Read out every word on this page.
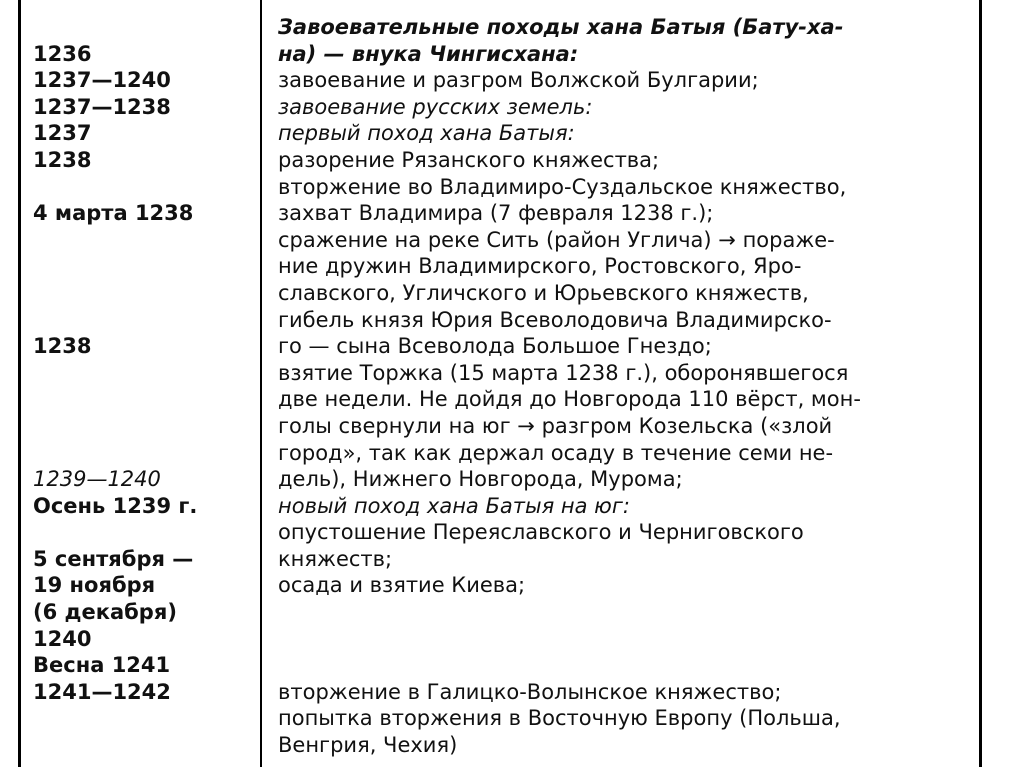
1236
1237—1240
1237—1238
1237
1238
4 марта 1238
1238
1239—1240
Осень 1239 г.
5 сентября —
19 ноября
(6 декабря)
1240
Весна 1241
1241—1242
Завоевательные походы хана Батыя (Бату-ха-
на) — внука Чингисхана:
завоевание и разгром Волжской Булгарии;
завоевание русских земель:
первый поход хана Батыя:
разорение Рязанского княжества;
вторжение во Владимиро-Суздальское княжество,
захват Владимира (7 февраля 1238 г.);
сражение на реке Сить (район Углича) → пораже-
ние дружин Владимирского, Ростовского, Яро-
славского, Угличского и Юрьевского княжеств,
гибель князя Юрия Всеволодовича Владимирско-
го — сына Всеволода Большое Гнездо;
взятие Торжка (15 марта 1238 г.), оборонявшегося
две недели. Не дойдя до Новгорода 110 вёрст, мон-
голы свернули на юг → разгром Козельска («злой
город», так как держал осаду в течение семи не-
дель), Нижнего Новгорода, Мурома;
новый поход хана Батыя на юг:
опустошение Переяславского и Черниговского
княжеств;
осада и взятие Киева;
вторжение в Галицко-Волынское княжество;
попытка вторжения в Восточную Европу (Польша,
Венгрия, Чехия)
